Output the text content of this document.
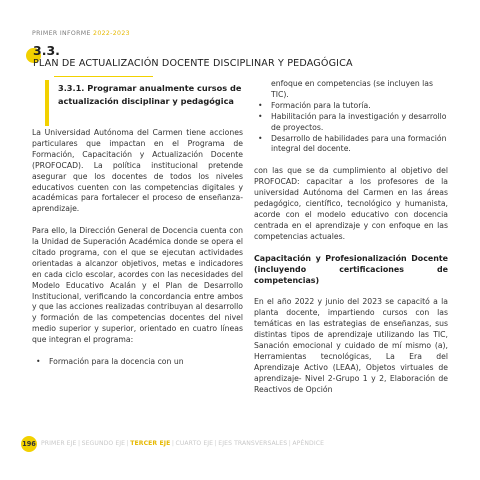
PRIMER INFORME 2022-2023
3.3.
PLAN DE ACTUALIZACIÓN DOCENTE DISCIPLINAR Y PEDAGÓGICA
3.3.1. Programar anualmente cursos de actualización disciplinar y pedagógica

La Universidad Autónoma del Carmen tiene acciones particulares que impactan en el Programa de Formación, Capacitación y Actualización Docente (PROFOCAD). La política institucional pretende asegurar que los docentes de todos los niveles educativos cuenten con las competencias digitales y académicas para fortalecer el proceso de enseñanza-aprendizaje.

Para ello, la Dirección General de Docencia cuenta con la Unidad de Superación Académica donde se opera el citado programa, con el que se ejecutan actividades orientadas a alcanzor objetivos, metas e indicadores en cada ciclo escolar, acordes con las necesidades del Modelo Educativo Acalán y el Plan de Desarrollo Institucional, verificando la concordancia entre ambos y que las acciones realizadas contribuyan al desarrollo y formación de las competencias docentes del nivel medio superior y superior, orientado en cuatro líneas que integran el programa:

• Formación para la docencia con un
enfoque en competencias (se incluyen las TIC).
• Formación para la tutoría.
• Habilitación para la investigación y desarrollo de proyectos.
• Desarrollo de habilidades para una formación integral del docente.

con las que se da cumplimiento al objetivo del PROFOCAD: capacitar a los profesores de la universidad Autónoma del Carmen en las áreas pedagógico, científico, tecnológico y humanista, acorde con el modelo educativo con docencia centrada en el aprendizaje y con enfoque en las competencias actuales.

Capacitación y Profesionalización Docente (incluyendo certificaciones de competencias)

En el año 2022 y junio del 2023 se capacitó a la planta docente, impartiendo cursos con las temáticas en las estrategias de enseñanzas, sus distintas tipos de aprendizaje utilizando las TIC, Sanación emocional y cuidado de mí mismo (a), Herramientas tecnológicas, La Era del Aprendizaje Activo (LEAA), Objetos virtuales de aprendizaje- Nivel 2-Grupo 1 y 2, Elaboración de Reactivos de Opción

196 PRIMER EJE | SEGUNDO EJE | TERCER EJE | CUARTO EJE | EJES TRANSVERSALES | APÉNDICE
